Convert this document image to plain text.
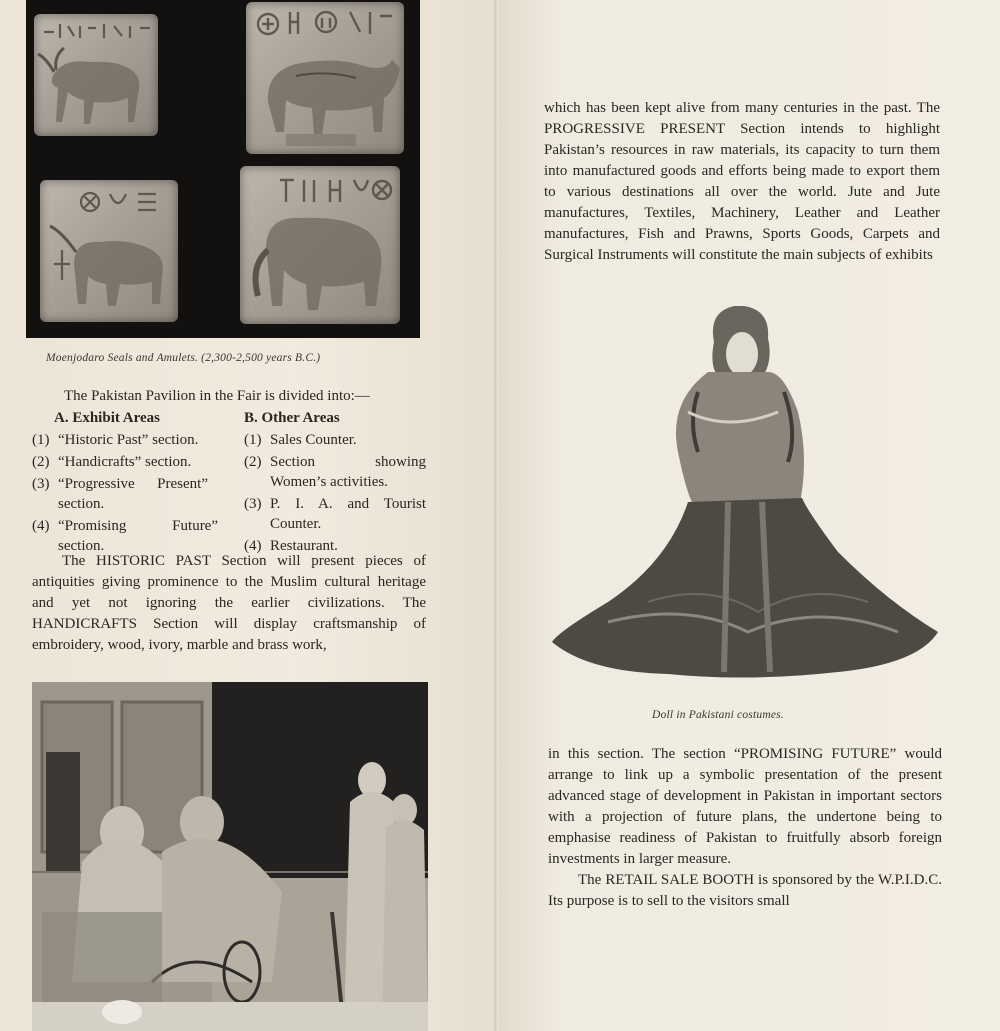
Moenjodaro Seals and Amulets. (2,300-2,500 years B.C.)
The Pakistan Pavilion in the Fair is divided into:—
A. Exhibit Areas
(1) “Historic Past” section.
(2) “Handicrafts” section.
(3) “Progressive Present” section.
(4) “Promising Future” section.
B. Other Areas
(1) Sales Counter.
(2) Section showing Women’s activities.
(3) P. I. A. and Tourist Counter.
(4) Restaurant.

The HISTORIC PAST Section will present pieces of antiquities giving prominence to the Muslim cultural heritage and yet not ignoring the earlier civilizations. The HANDICRAFTS Section will display craftsmanship of embroidery, wood, ivory, marble and brass work,

which has been kept alive from many centuries in the past. The PROGRESSIVE PRESENT Section intends to highlight Pakistan’s resources in raw materials, its capacity to turn them into manufactured goods and efforts being made to export them to various destinations all over the world. Jute and Jute manufactures, Textiles, Machinery, Leather and Leather manufactures, Fish and Prawns, Sports Goods, Carpets and Surgical Instruments will constitute the main subjects of exhibits

Doll in Pakistani costumes.

in this section. The section “PROMISING FUTURE” would arrange to link up a symbolic presentation of the present advanced stage of development in Pakistan in important sectors with a projection of future plans, the undertone being to emphasise readiness of Pakistan to fruitfully absorb foreign investments in larger measure.

The RETAIL SALE BOOTH is sponsored by the W.P.I.D.C. Its purpose is to sell to the visitors small
